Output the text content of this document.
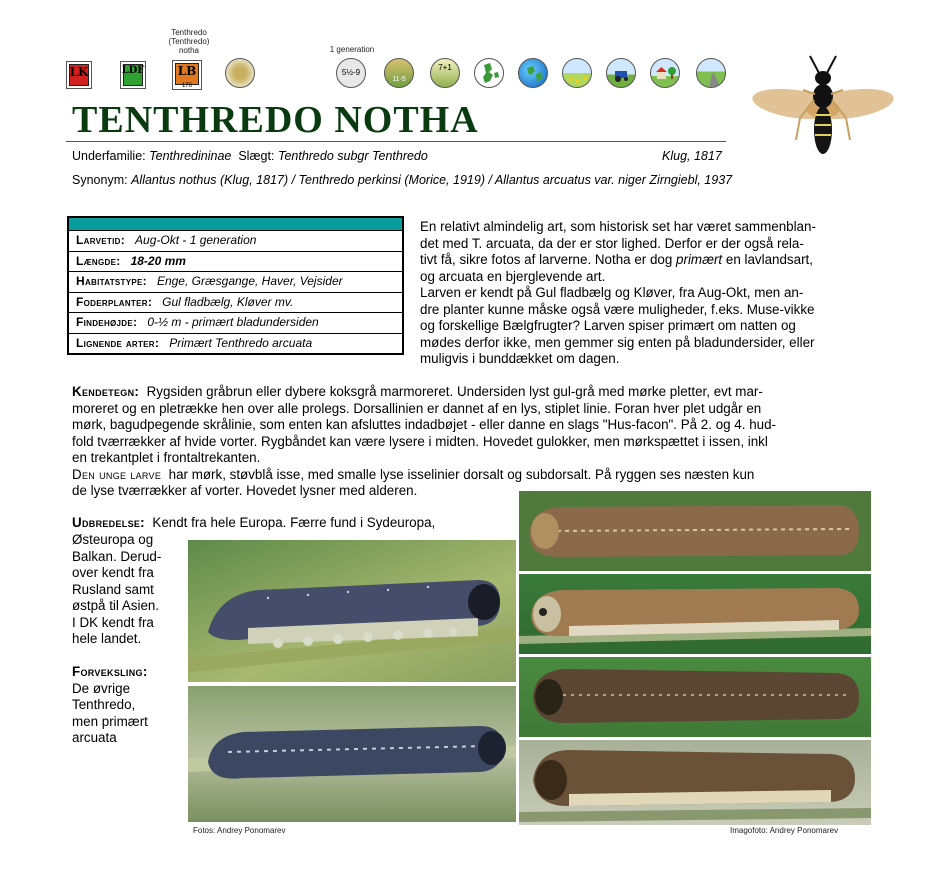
LK	LDF
Tenthredo (Tenthredo) notha
LB
176
1 generation
5½-9
11-5
7+1
TENTHREDO NOTHA
Underfamilie: Tenthredininae Slægt: Tenthredo subgr Tenthredo	Klug, 1817
Synonym: Allantus nothus (Klug, 1817) / Tenthredo perkinsi (Morice, 1919) / Allantus arcuatus var. niger Zirngiebl, 1937
Larvetid: Aug-Okt - 1 generation
Længde: 18-20 mm
Habitatstype: Enge, Græsgange, Haver, Vejsider
Foderplanter: Gul fladbælg, Kløver mv.
Findehøjde: 0-½ m - primært bladundersiden
Lignende arter: Primært Tenthredo arcuata
En relativt almindelig art, som historisk set har været sammenblan-
det med T. arcuata, da der er stor lighed. Derfor er der også rela-
tivt få, sikre fotos af larverne. Notha er dog primært en lavlandsart,
og arcuata en bjerglevende art.
Larven er kendt på Gul fladbælg og Kløver, fra Aug-Okt, men an-
dre planter kunne måske også være muligheder, f.eks. Muse-vikke
og forskellige Bælgfrugter? Larven spiser primært om natten og
mødes derfor ikke, men gemmer sig enten på bladundersider, eller
muligvis i bunddækket om dagen.
Kendetegn: Rygsiden gråbrun eller dybere koksgrå marmoreret. Undersiden lyst gul-grå med mørke pletter, evt mar-
moreret og en pletrække hen over alle prolegs. Dorsallinien er dannet af en lys, stiplet linie. Foran hver plet udgår en
mørk, bagudpegende skrålinie, som enten kan afsluttes indadbøjet - eller danne en slags "Hus-facon". På 2. og 4. hud-
fold tværrækker af hvide vorter. Rygbåndet kan være lysere i midten. Hovedet gulokker, men mørkspættet i issen, inkl
en trekantplet i frontaltrekanten.
Den unge larve har mørk, støvblå isse, med smalle lyse isselinier dorsalt og subdorsalt. På ryggen ses næsten kun
de lyse tværrækker af vorter. Hovedet lysner med alderen.
Udbredelse: Kendt fra hele Europa. Færre fund i Sydeuropa,
Østeuropa og
Balkan. Derud-
over kendt fra
Rusland samt
østpå til Asien.
I DK kendt fra
hele landet.
Forveksling:
De øvrige
Tenthredo,
men primært
arcuata
Fotos: Andrey Ponomarev	Imagofoto: Andrey Ponomarev
